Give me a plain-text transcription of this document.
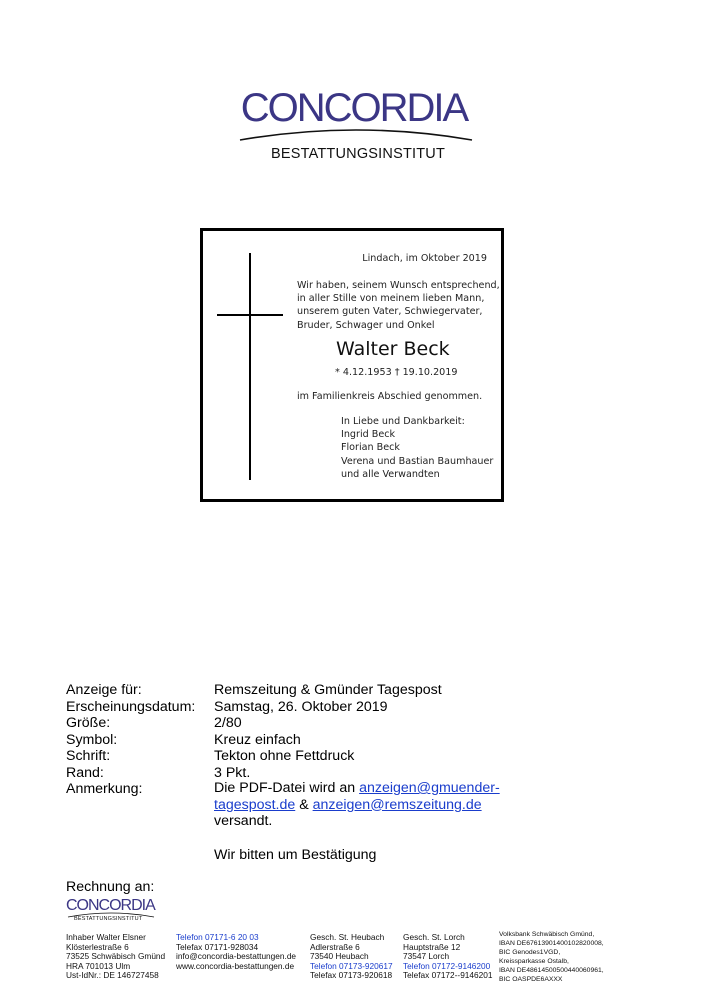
CONCORDIA
BESTATTUNGSINSTITUT
Lindach, im Oktober 2019
Wir haben, seinem Wunsch entsprechend,
in aller Stille von meinem lieben Mann,
unserem guten Vater, Schwiegervater,
Bruder, Schwager und Onkel
Walter Beck
* 4.12.1953 † 19.10.2019
im Familienkreis Abschied genommen.
In Liebe und Dankbarkeit:
Ingrid Beck
Florian Beck
Verena und Bastian Baumhauer
und alle Verwandten
Anzeige für:	Remszeitung & Gmünder Tagespost
Erscheinungsdatum: Samstag, 26. Oktober 2019
Größe:	2/80
Symbol:	Kreuz einfach
Schrift:	Tekton ohne Fettdruck
Rand:	3 Pkt.
Anmerkung:	Die PDF-Datei wird an anzeigen@gmuender-tagespost.de & anzeigen@remszeitung.de versandt.
Wir bitten um Bestätigung
Rechnung an:
CONCORDIA
BESTATTUNGSINSTITUT
Inhaber Walter Elsner
Klösterlestraße 6
73525 Schwäbisch Gmünd
HRA 701013 Ulm
Ust-IdNr.: DE 146727458
Telefon 07171-6 20 03
Telefax 07171-928034
info@concordia-bestattungen.de
www.concordia-bestattungen.de
Gesch. St. Heubach
Adlerstraße 6
73540 Heubach
Telefon 07173-920617
Telefax 07173-920618
Gesch. St. Lorch
Hauptstraße 12
73547 Lorch
Telefon 07172-9146200
Telefax 07172-‑9146201
Volksbank Schwäbisch Gmünd,
IBAN DE67613901400102820008,
BIC Genodes1VGD,
Kreissparkasse Ostalb,
IBAN DE48614500500440060961,
BIC OASPDE6AXXX
